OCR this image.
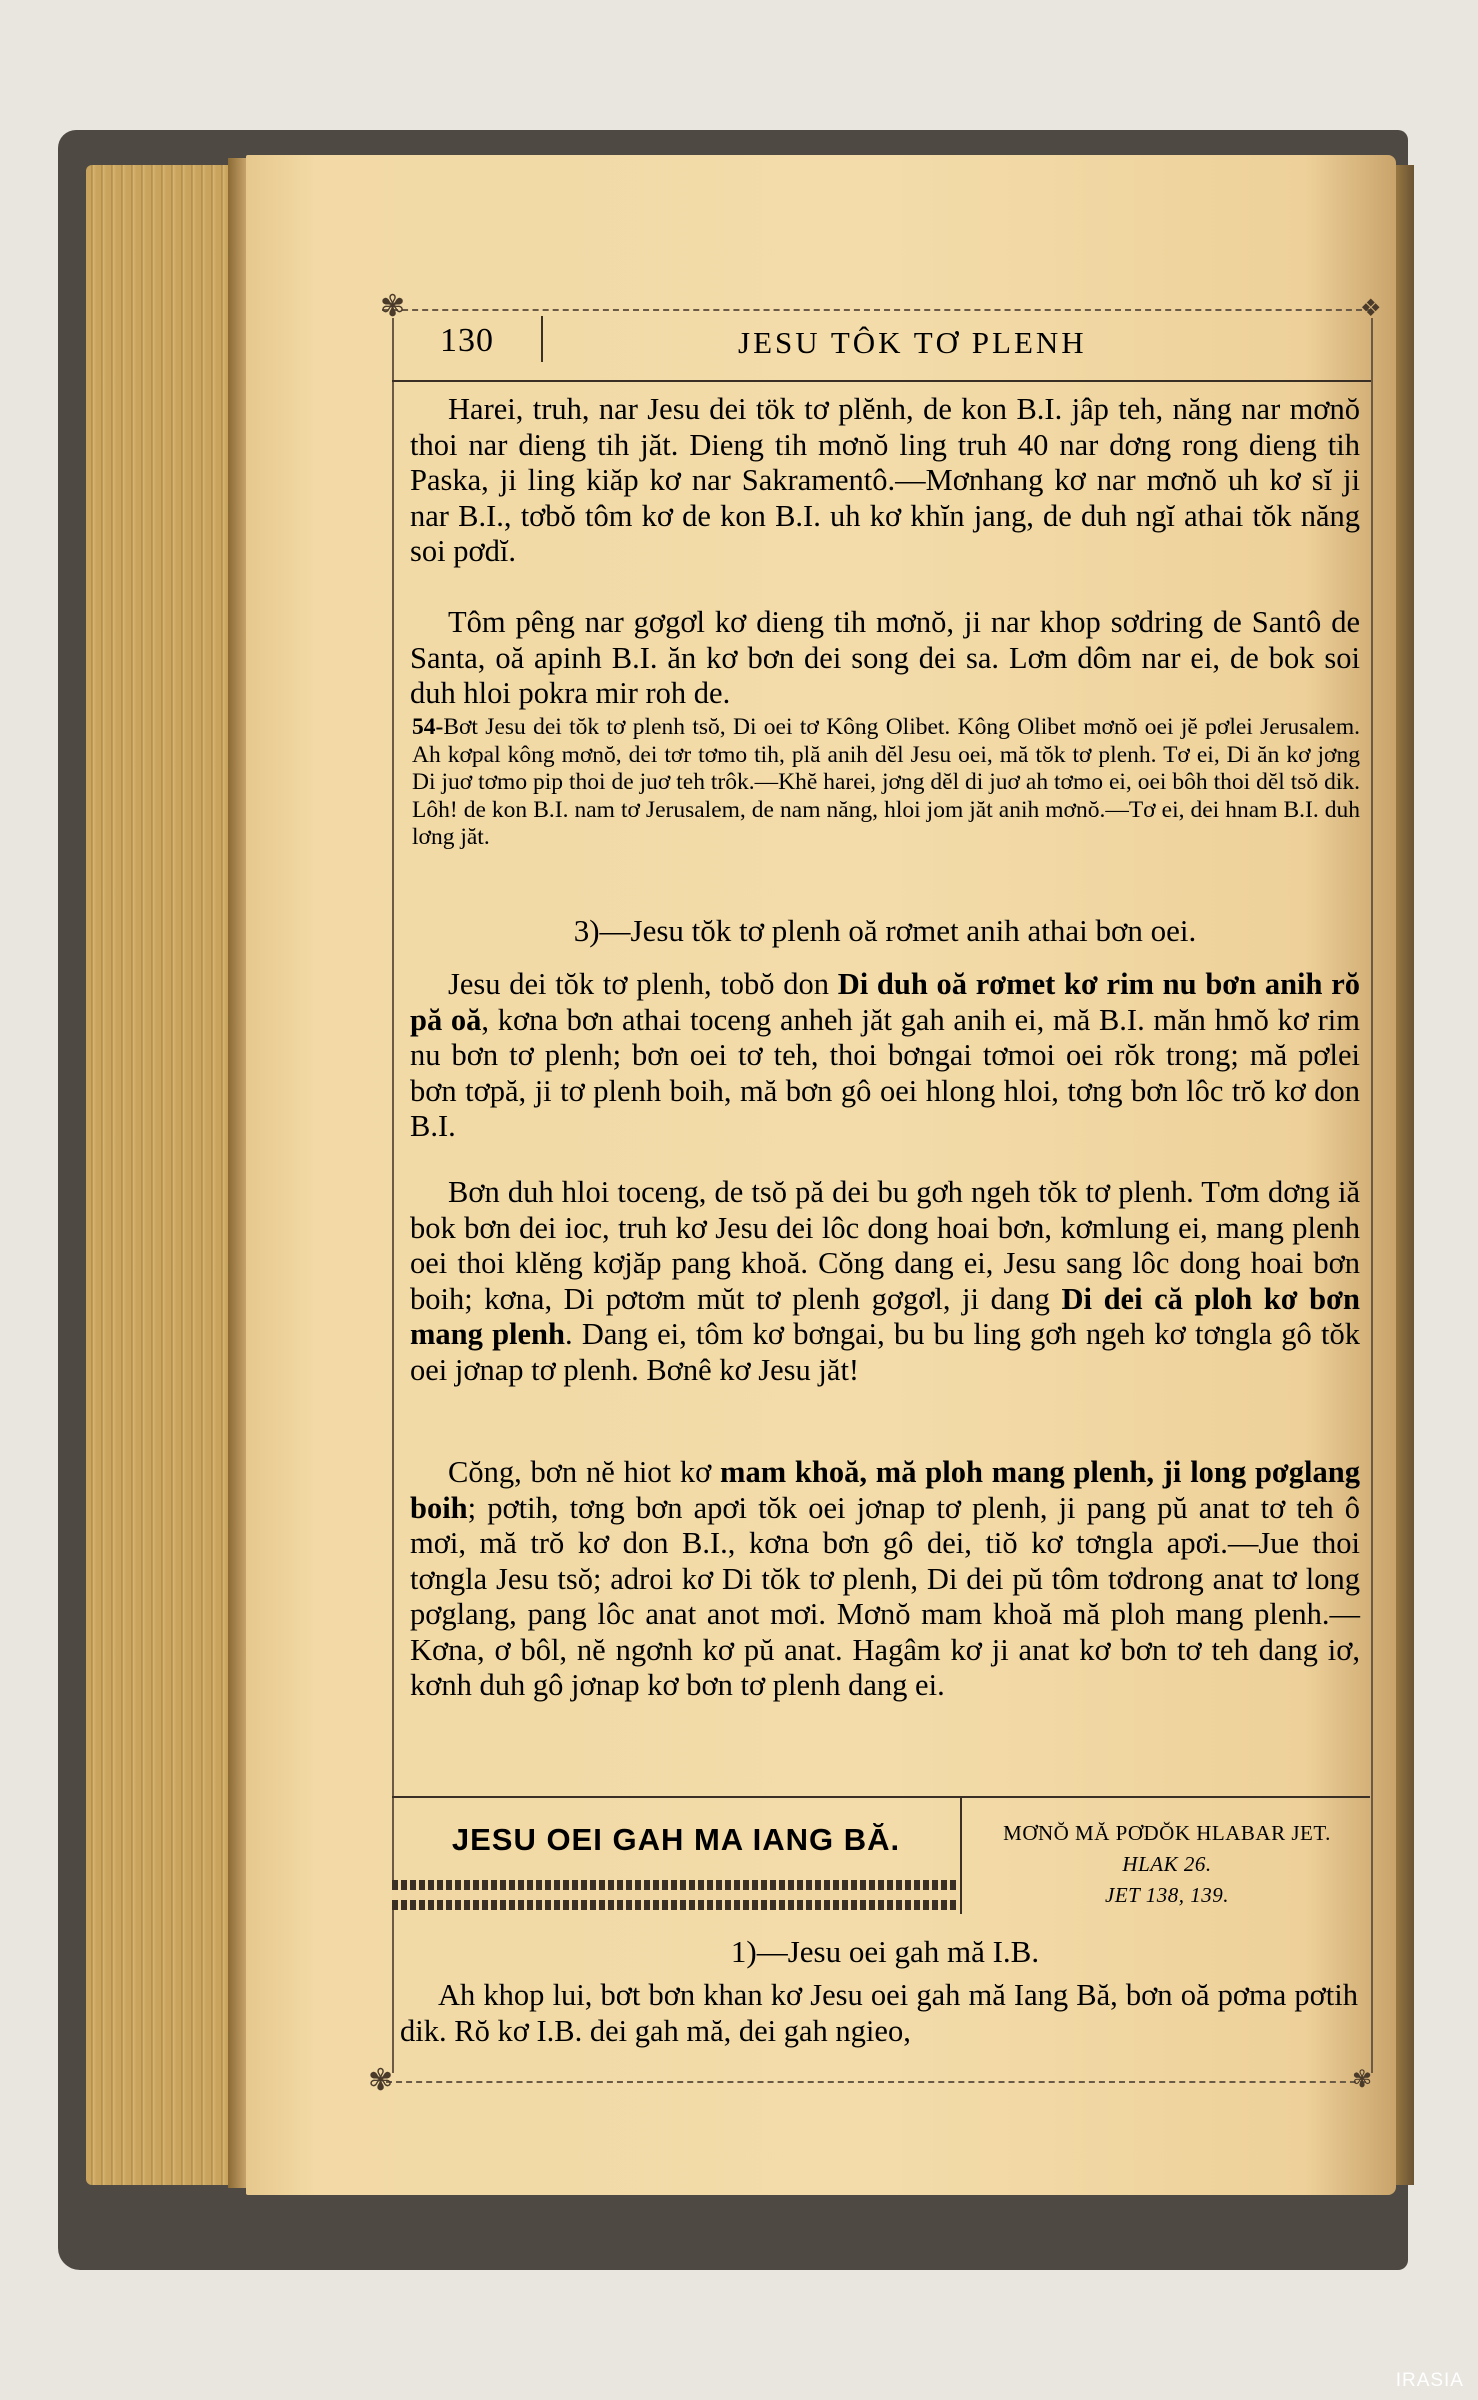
✾	❖
✾	✾
130	JESU TÔK TƠ PLENH

Harei, truh, nar Jesu dei tök tơ plĕnh, de kon B.I. jâp teh, năng nar mơnŏ thoi nar dieng tih jăt. Dieng tih mơnŏ ling truh 40 nar dơng rong dieng tih Paska, ji ling kiăp kơ nar Sakramentô.—Mơnhang kơ nar mơnŏ uh kơ sĭ ji nar B.I., tơbŏ tôm kơ de kon B.I. uh kơ khĭn jang, de duh ngĭ athai tŏk năng soi pơdĭ.

Tôm pêng nar gơgơl kơ dieng tih mơnŏ, ji nar khop sơdring de Santô de Santa, oă apinh B.I. ăn kơ bơn dei song dei sa. Lơm dôm nar ei, de bok soi duh hloi pokra mir roh de.

54-Bơt Jesu dei tŏk tơ plenh tsŏ, Di oei tơ Kông Olibet. Kông Olibet mơnŏ oei jĕ pơlei Jerusalem. Ah kơpal kông mơnŏ, dei tơr tơmo tih, plă anih dĕl Jesu oei, mă tŏk tơ plenh. Tơ ei, Di ăn kơ jơng Di juơ tơmo pip thoi de juơ teh trôk.—Khĕ harei, jơng dĕl di juơ ah tơmo ei, oei bôh thoi dĕl tsŏ dik. Lôh! de kon B.I. nam tơ Jerusalem, de nam năng, hloi jom jăt anih mơnŏ.—Tơ ei, dei hnam B.I. duh lơng jăt.

3)—Jesu tŏk tơ plenh oă rơmet anih athai bơn oei.

Jesu dei tŏk tơ plenh, tobŏ don Di duh oă rơmet kơ rim nu bơn anih rŏ pă oă, kơna bơn athai toceng anheh jăt gah anih ei, mă B.I. măn hmŏ kơ rim nu bơn tơ plenh; bơn oei tơ teh, thoi bơngai tơmoi oei rŏk trong; mă pơlei bơn tơpă, ji tơ plenh boih, mă bơn gô oei hlong hloi, tơng bơn lôc trŏ kơ don B.I.

Bơn duh hloi toceng, de tsŏ pă dei bu gơh ngeh tŏk tơ plenh. Tơm dơng iă bok bơn dei ioc, truh kơ Jesu dei lôc dong hoai bơn, kơmlung ei, mang plenh oei thoi klĕng kơjăp pang khoă. Cŏng dang ei, Jesu sang lôc dong hoai bơn boih; kơna, Di pơtơm mŭt tơ plenh gơgơl, ji dang Di dei că ploh kơ bơn mang plenh. Dang ei, tôm kơ bơngai, bu bu ling gơh ngeh kơ tơngla gô tŏk oei jơnap tơ plenh. Bơnê kơ Jesu jăt!

Cŏng, bơn nĕ hiot kơ mam khoă, mă ploh mang plenh, ji long pơglang boih; pơtih, tơng bơn apơi tŏk oei jơnap tơ plenh, ji pang pŭ anat tơ teh ô mơi, mă trŏ kơ don B.I., kơna bơn gô dei, tiŏ kơ tơngla apơi.—Jue thoi tơngla Jesu tsŏ; adroi kơ Di tŏk tơ plenh, Di dei pŭ tôm tơdrong anat tơ long pơglang, pang lôc anat anot mơi. Mơnŏ mam khoă mă ploh mang plenh.—Kơna, ơ bôl, nĕ ngơnh kơ pŭ anat. Hagâm kơ ji anat kơ bơn tơ teh dang iơ, kơnh duh gô jơnap kơ bơn tơ plenh dang ei.

JESU OEI GAH MA IANG BĂ.	MƠNŎ MĂ PƠDŎK HLABAR JET.
HLAK 26.
JET 138, 139.

1)—Jesu oei gah mă I.B.

Ah khop lui, bơt bơn khan kơ Jesu oei gah mă Iang Bă, bơn oă pơma pơtih dik. Rŏ kơ I.B. dei gah mă, dei gah ngieo,

IRASIA
